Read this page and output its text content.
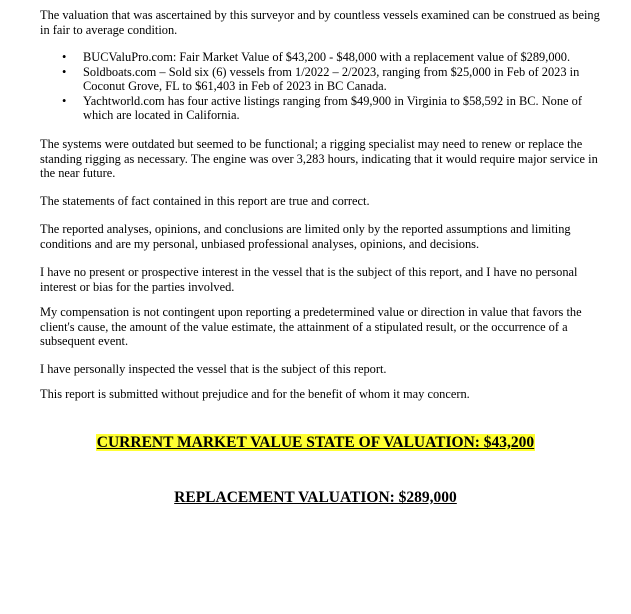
The valuation that was ascertained by this surveyor and by countless vessels examined can be construed as being in fair to average condition.

• BUCValuPro.com: Fair Market Value of $43,200 - $48,000 with a replacement value of $289,000.
• Soldboats.com – Sold six (6) vessels from 1/2022 – 2/2023, ranging from $25,000 in Feb of 2023 in Coconut Grove, FL to $61,403 in Feb of 2023 in BC Canada.
• Yachtworld.com has four active listings ranging from $49,900 in Virginia to $58,592 in BC. None of which are located in California.

The systems were outdated but seemed to be functional; a rigging specialist may need to renew or replace the standing rigging as necessary. The engine was over 3,283 hours, indicating that it would require major service in the near future.

The statements of fact contained in this report are true and correct.

The reported analyses, opinions, and conclusions are limited only by the reported assumptions and limiting conditions and are my personal, unbiased professional analyses, opinions, and decisions.

I have no present or prospective interest in the vessel that is the subject of this report, and I have no personal interest or bias for the parties involved.

My compensation is not contingent upon reporting a predetermined value or direction in value that favors the client's cause, the amount of the value estimate, the attainment of a stipulated result, or the occurrence of a subsequent event.

I have personally inspected the vessel that is the subject of this report.

This report is submitted without prejudice and for the benefit of whom it may concern.

CURRENT MARKET VALUE STATE OF VALUATION: $43,200
REPLACEMENT VALUATION: $289,000
